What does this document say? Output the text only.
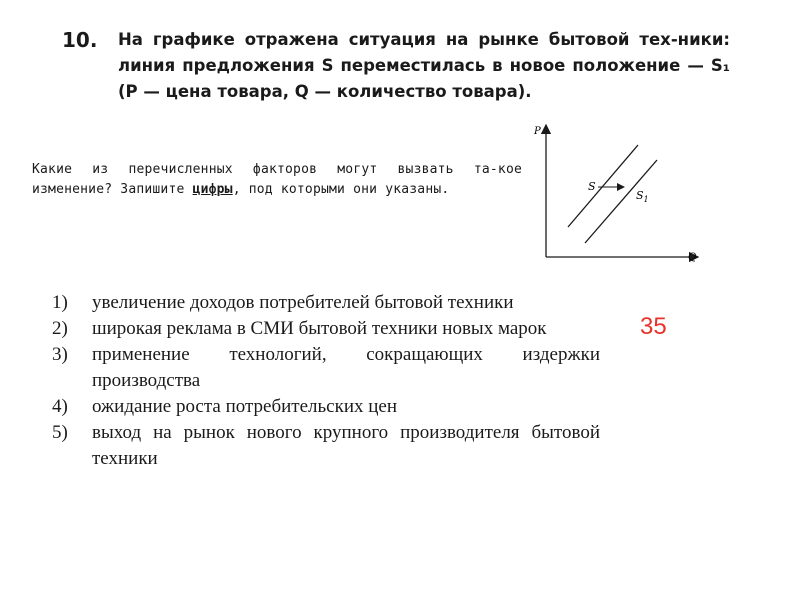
10. На графике отражена ситуация на рынке бытовой тех-ники: линия предложения S переместилась в новое положение — S₁ (P — цена товара, Q — количество товара).
Какие из перечисленных факторов могут вызвать та-кое изменение? Запишите цифры, под которыми они указаны.
P
Q
S
$S_1$
1)	увеличение доходов потребителей бытовой техники
2)	широкая реклама в СМИ бытовой техники новых марок
3)	применение технологий, сокращающих издержки производства
4)	ожидание роста потребительских цен
5)	выход на рынок нового крупного производителя бытовой техники
35
